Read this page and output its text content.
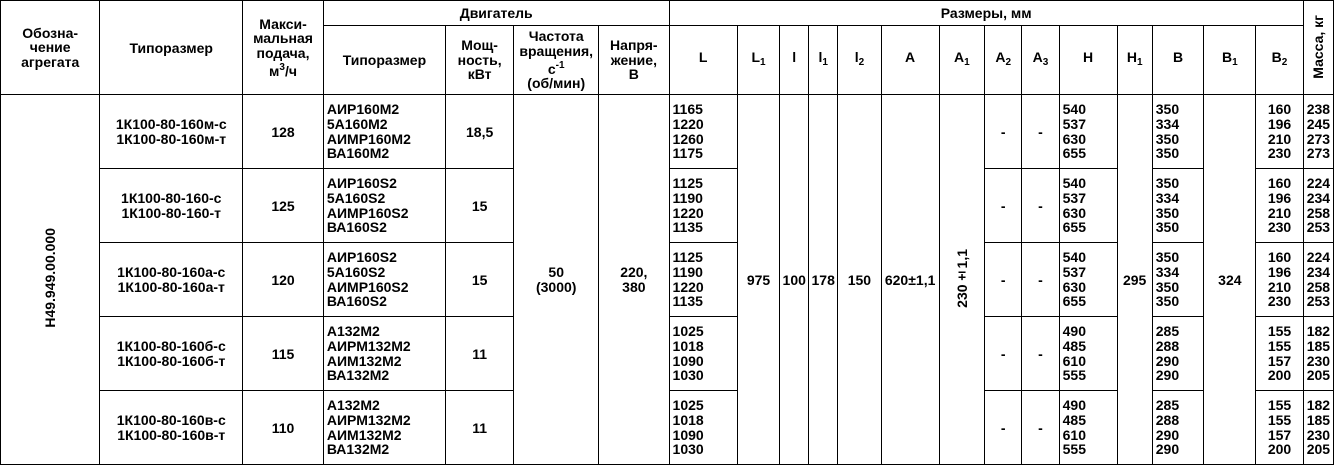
Обозна-
чение
агрегата	Типоразмер	Макси-
мальная
подача,
$м^3/ч$	Двигатель				Размеры, мм														Масса, кг
			Типоразмер	Мощ-
ность,
кВт	Частота
вращения,
$с^{-1}$
(об/мин)	Напря-
жение,
В	L	$L_1$	l	$l_1$	$l_2$	A	$A_1$	$A_2$	$A_3$	H	$H_1$	B	$B_1$	$B_2$
Н49.949.00.000	1К100-80-160м-с
1К100-80-160м-т	128	АИР160М2
5А160М2
АИМР160М2
ВА160М2	18,5	50
(3000)	220,
380	1165
1220
1260
1175	975	100	178	150	620±1,1	230±1,1	-	-	540
537
630
655	295	350
334
350
350	324	160
196
210
230	238
245
273
273
	1К100-80-160-с
1К100-80-160-т	125	АИР160S2
5А160S2
АИМР160S2
ВА160S2	15			1125
1190
1220
1135							-	-	540
537
630
655		350
334
350
350		160
196
210
230	224
234
258
253
	1К100-80-160а-с
1К100-80-160а-т	120	АИР160S2
5А160S2
АИМР160S2
ВА160S2	15			1125
1190
1220
1135							-	-	540
537
630
655		350
334
350
350		160
196
210
230	224
234
258
253
	1К100-80-160б-с
1К100-80-160б-т	115	А132М2
АИРМ132М2
АИМ132М2
ВА132М2	11			1025
1018
1090
1030							-	-	490
485
610
555		285
288
290
290		155
155
157
200	182
185
230
205
	1К100-80-160в-с
1К100-80-160в-т	110	А132М2
АИРМ132М2
АИМ132М2
ВА132М2	11			1025
1018
1090
1030							-	-	490
485
610
555		285
288
290
290		155
155
157
200	182
185
230
205
